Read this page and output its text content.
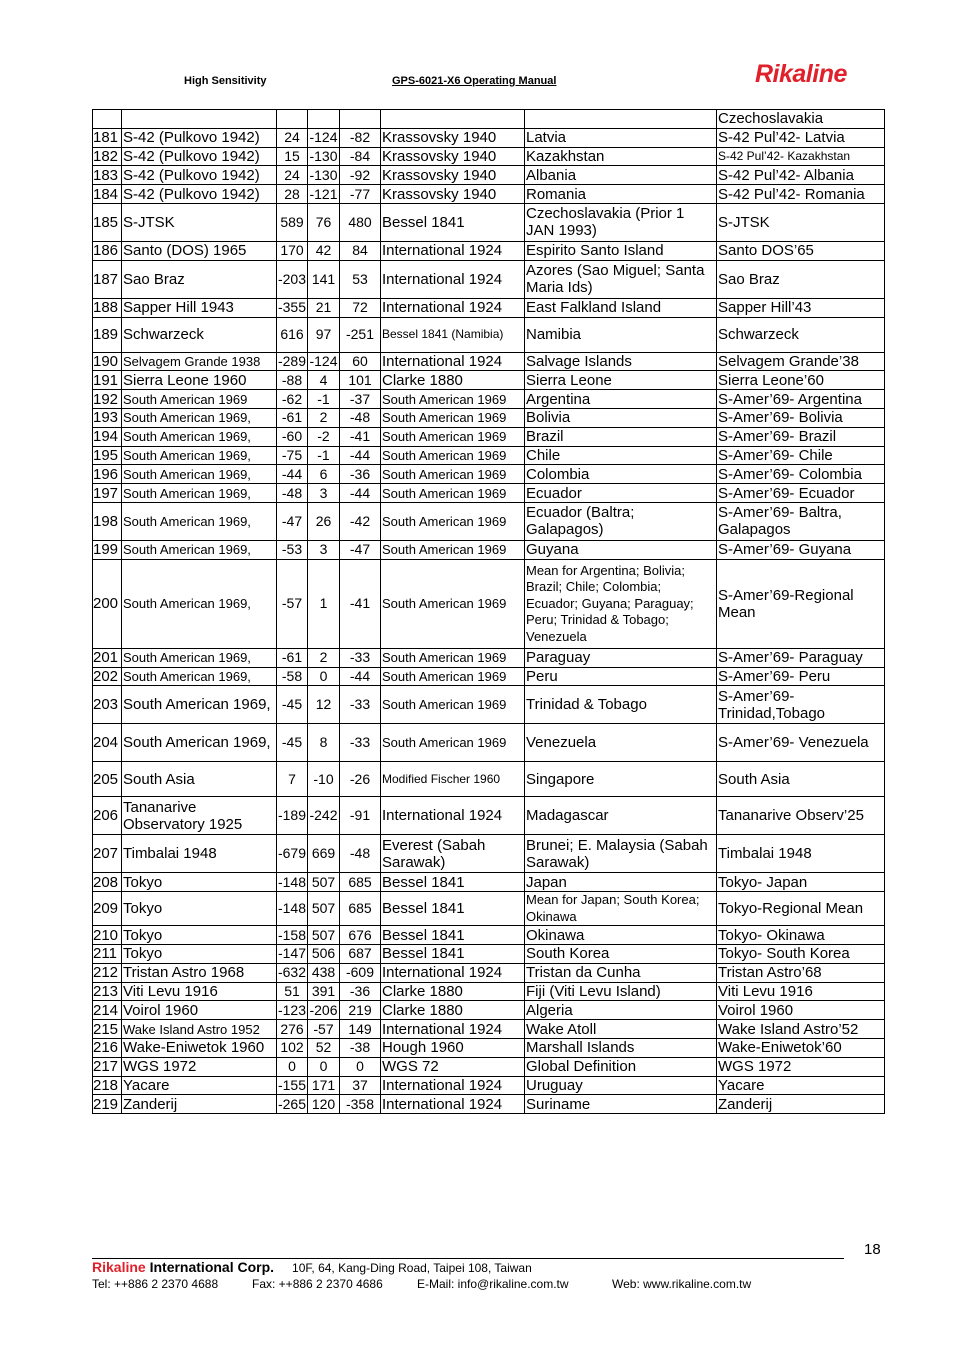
High Sensitivity	GPS-6021-X6 Operating Manual	Rikaline
							Czechoslavakia
181	S-42 (Pulkovo 1942)	24	-124	-82	Krassovsky 1940	Latvia	S-42 Pul’42- Latvia
182	S-42 (Pulkovo 1942)	15	-130	-84	Krassovsky 1940	Kazakhstan	S-42 Pul’42- Kazakhstan
183	S-42 (Pulkovo 1942)	24	-130	-92	Krassovsky 1940	Albania	S-42 Pul’42- Albania
184	S-42 (Pulkovo 1942)	28	-121	-77	Krassovsky 1940	Romania	S-42 Pul’42- Romania
185	S-JTSK	589	76	480	Bessel 1841	Czechoslavakia (Prior 1 JAN 1993)	S-JTSK
186	Santo (DOS) 1965	170	42	84	International 1924	Espirito Santo Island	Santo DOS’65
187	Sao Braz	-203	141	53	International 1924	Azores (Sao Miguel; Santa Maria Ids)	Sao Braz
188	Sapper Hill 1943	-355	21	72	International 1924	East Falkland Island	Sapper Hill’43
189	Schwarzeck	616	97	-251	Bessel 1841 (Namibia)	Namibia	Schwarzeck
190	Selvagem Grande 1938	-289	-124	60	International 1924	Salvage Islands	Selvagem Grande’38
191	Sierra Leone 1960	-88	4	101	Clarke 1880	Sierra Leone	Sierra Leone’60
192	South American 1969	-62	-1	-37	South American 1969	Argentina	S-Amer’69- Argentina
193	South American 1969,	-61	2	-48	South American 1969	Bolivia	S-Amer’69- Bolivia
194	South American 1969,	-60	-2	-41	South American 1969	Brazil	S-Amer’69- Brazil
195	South American 1969,	-75	-1	-44	South American 1969	Chile	S-Amer’69- Chile
196	South American 1969,	-44	6	-36	South American 1969	Colombia	S-Amer’69- Colombia
197	South American 1969,	-48	3	-44	South American 1969	Ecuador	S-Amer’69- Ecuador
198	South American 1969,	-47	26	-42	South American 1969	Ecuador (Baltra; Galapagos)	S-Amer’69- Baltra, Galapagos
199	South American 1969,	-53	3	-47	South American 1969	Guyana	S-Amer’69- Guyana
200	South American 1969,	-57	1	-41	South American 1969	Mean for Argentina; Bolivia; Brazil; Chile; Colombia; Ecuador; Guyana; Paraguay; Peru; Trinidad & Tobago; Venezuela	S-Amer’69-Regional Mean
201	South American 1969,	-61	2	-33	South American 1969	Paraguay	S-Amer’69- Paraguay
202	South American 1969,	-58	0	-44	South American 1969	Peru	S-Amer’69- Peru
203	South American 1969,	-45	12	-33	South American 1969	Trinidad & Tobago	S-Amer’69- Trinidad,Tobago
204	South American 1969,	-45	8	-33	South American 1969	Venezuela	S-Amer’69- Venezuela
205	South Asia	7	-10	-26	Modified Fischer 1960	Singapore	South Asia
206	Tananarive Observatory 1925	-189	-242	-91	International 1924	Madagascar	Tananarive Observ’25
207	Timbalai 1948	-679	669	-48	Everest (Sabah Sarawak)	Brunei; E. Malaysia (Sabah Sarawak)	Timbalai 1948
208	Tokyo	-148	507	685	Bessel 1841	Japan	Tokyo- Japan
209	Tokyo	-148	507	685	Bessel 1841	Mean for Japan; South Korea; Okinawa	Tokyo-Regional Mean
210	Tokyo	-158	507	676	Bessel 1841	Okinawa	Tokyo- Okinawa
211	Tokyo	-147	506	687	Bessel 1841	South Korea	Tokyo- South Korea
212	Tristan Astro 1968	-632	438	-609	International 1924	Tristan da Cunha	Tristan Astro’68
213	Viti Levu 1916	51	391	-36	Clarke 1880	Fiji (Viti Levu Island)	Viti Levu 1916
214	Voirol 1960	-123	-206	219	Clarke 1880	Algeria	Voirol 1960
215	Wake Island Astro 1952	276	-57	149	International 1924	Wake Atoll	Wake Island Astro’52
216	Wake-Eniwetok 1960	102	52	-38	Hough 1960	Marshall Islands	Wake-Eniwetok’60
217	WGS 1972	0	0	0	WGS 72	Global Definition	WGS 1972
218	Yacare	-155	171	37	International 1924	Uruguay	Yacare
219	Zanderij	-265	120	-358	International 1924	Suriname	Zanderij
18
Rikaline International Corp. 10F, 64, Kang-Ding Road, Taipei 108, Taiwan
Tel: ++886 2 2370 4688	Fax: ++886 2 2370 4686	E-Mail: info@rikaline.com.tw	Web: www.rikaline.com.tw
